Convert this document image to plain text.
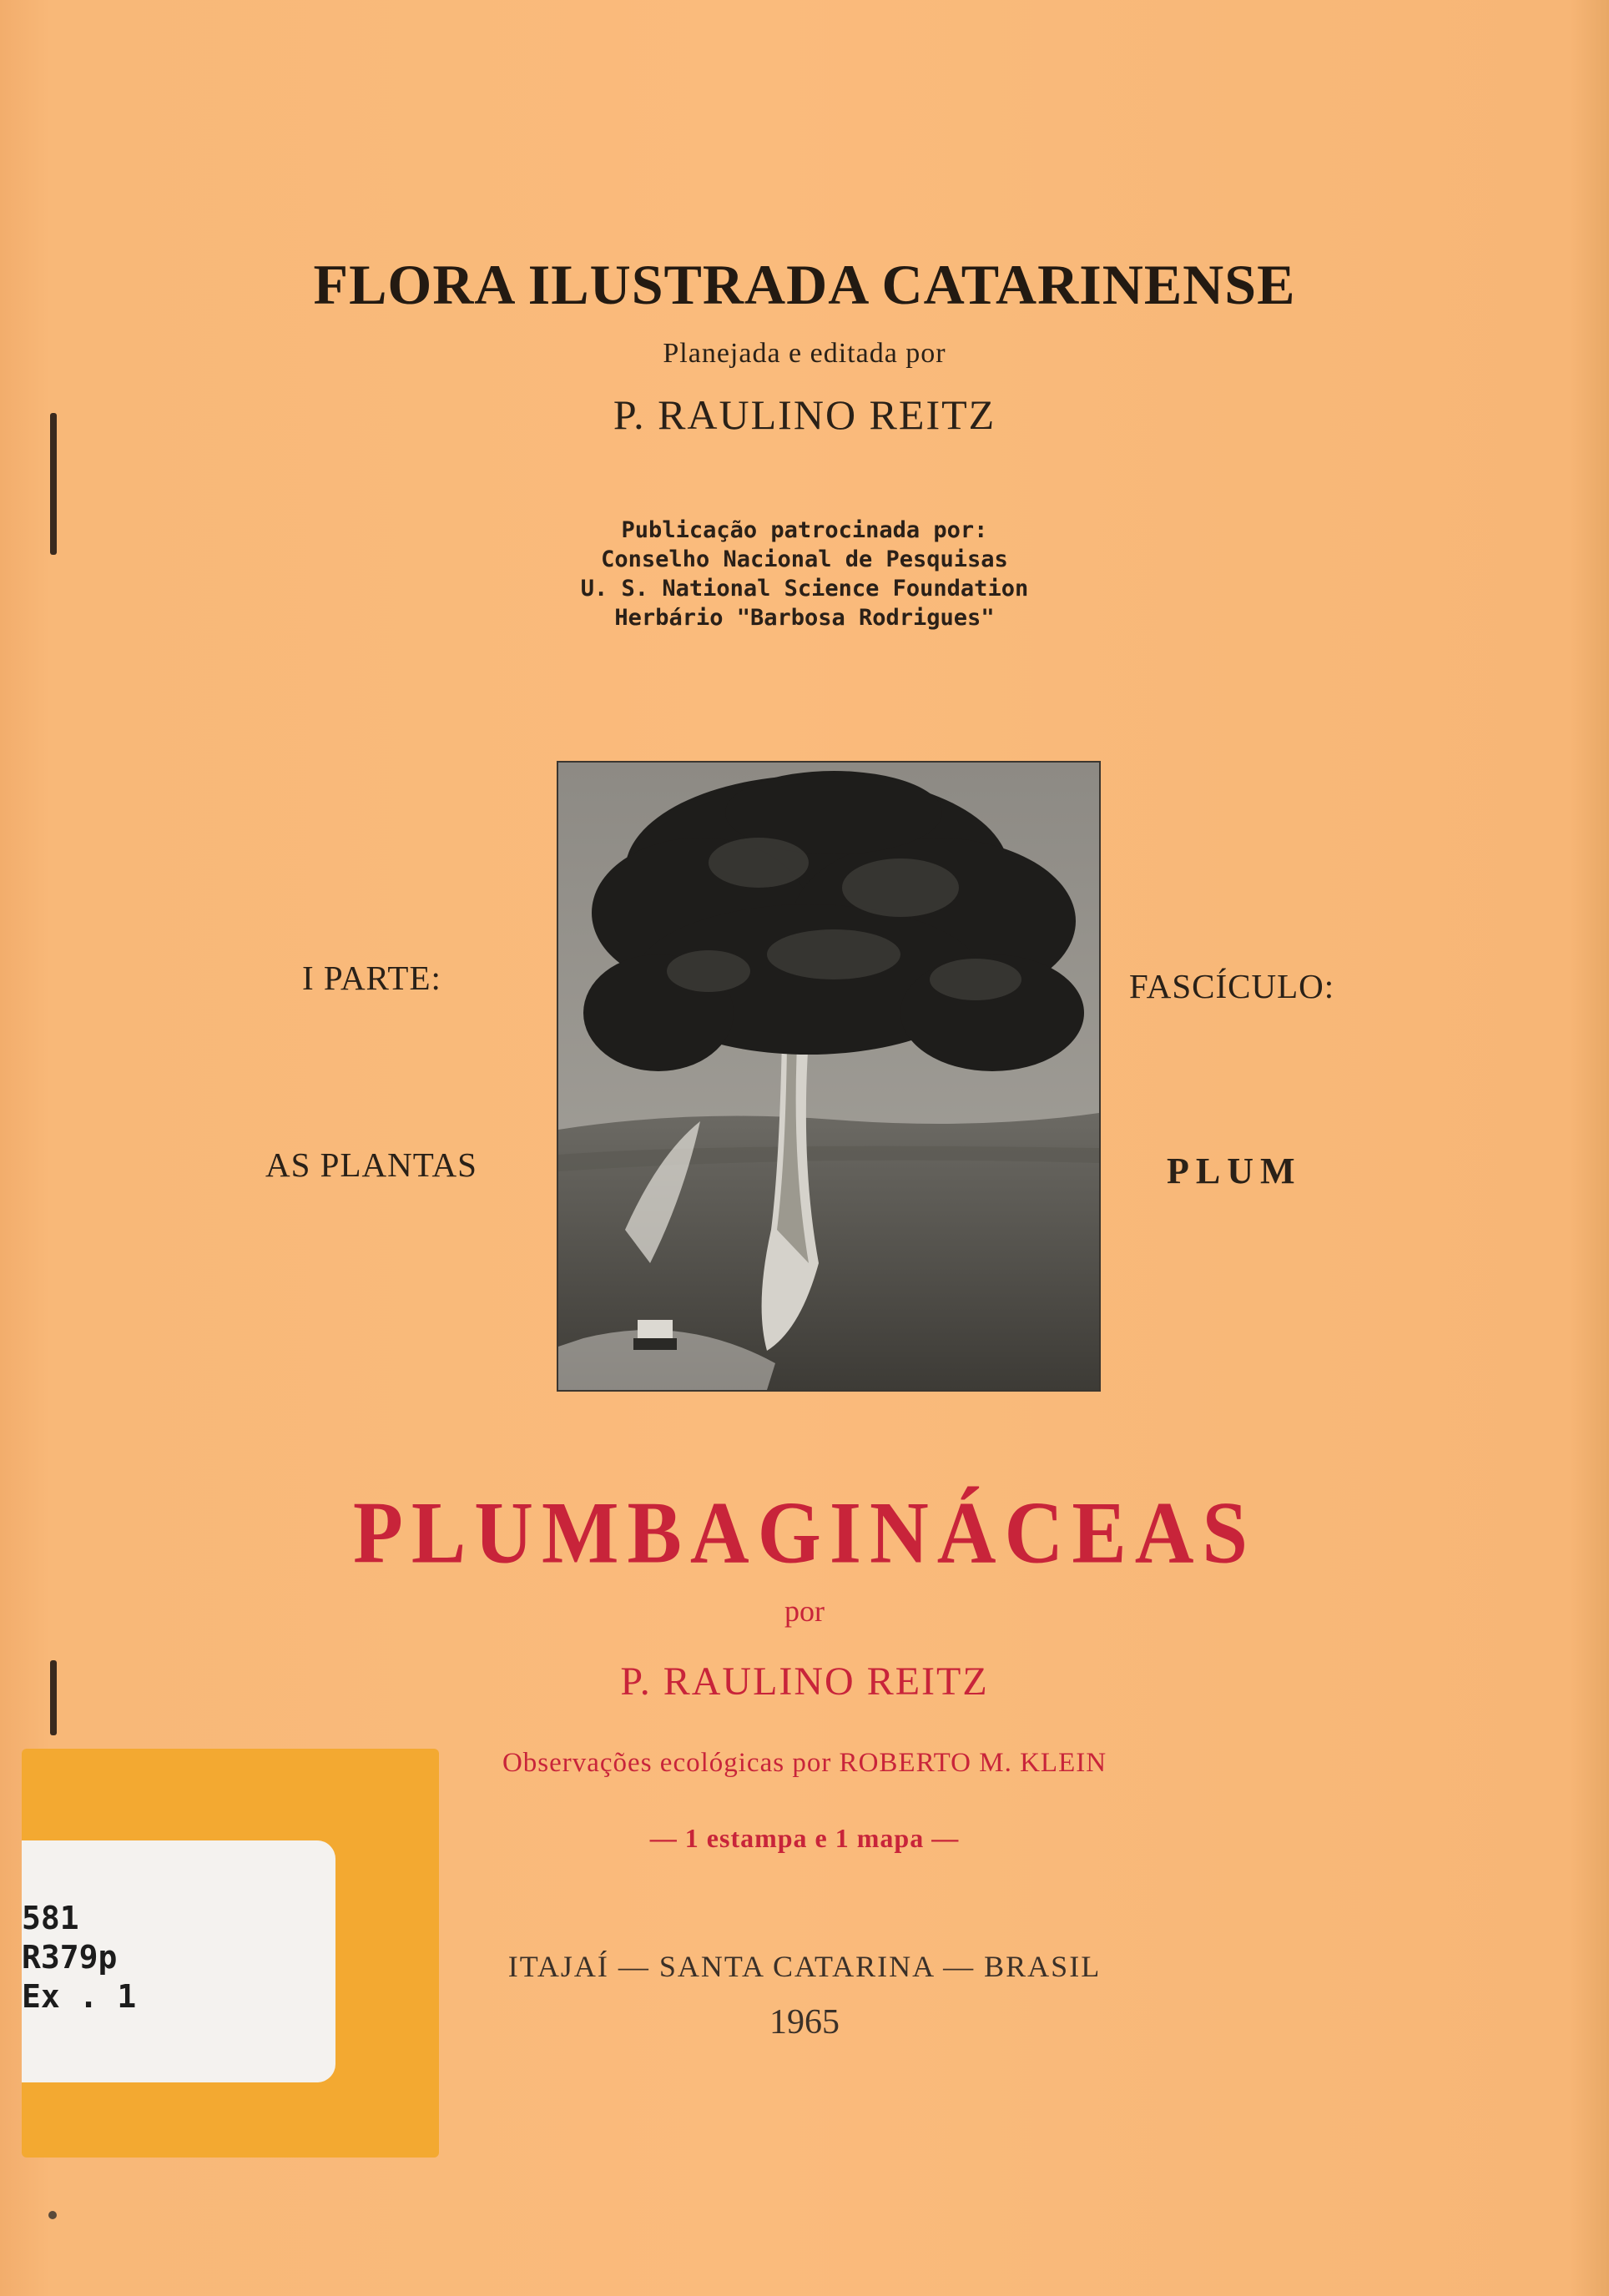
FLORA ILUSTRADA CATARINENSE
Planejada e editada por
P. RAULINO REITZ
Publicação patrocinada por:
Conselho Nacional de Pesquisas
U. S. National Science Foundation
Herbário "Barbosa Rodrigues"
I PARTE:
AS PLANTAS
FASCÍCULO:
PLUM
PLUMBAGINÁCEAS
por
P. RAULINO REITZ
Observações ecológicas por ROBERTO M. KLEIN
— 1 estampa e 1 mapa —
ITAJAÍ — SANTA CATARINA — BRASIL
1965
581
R379p
Ex . 1
